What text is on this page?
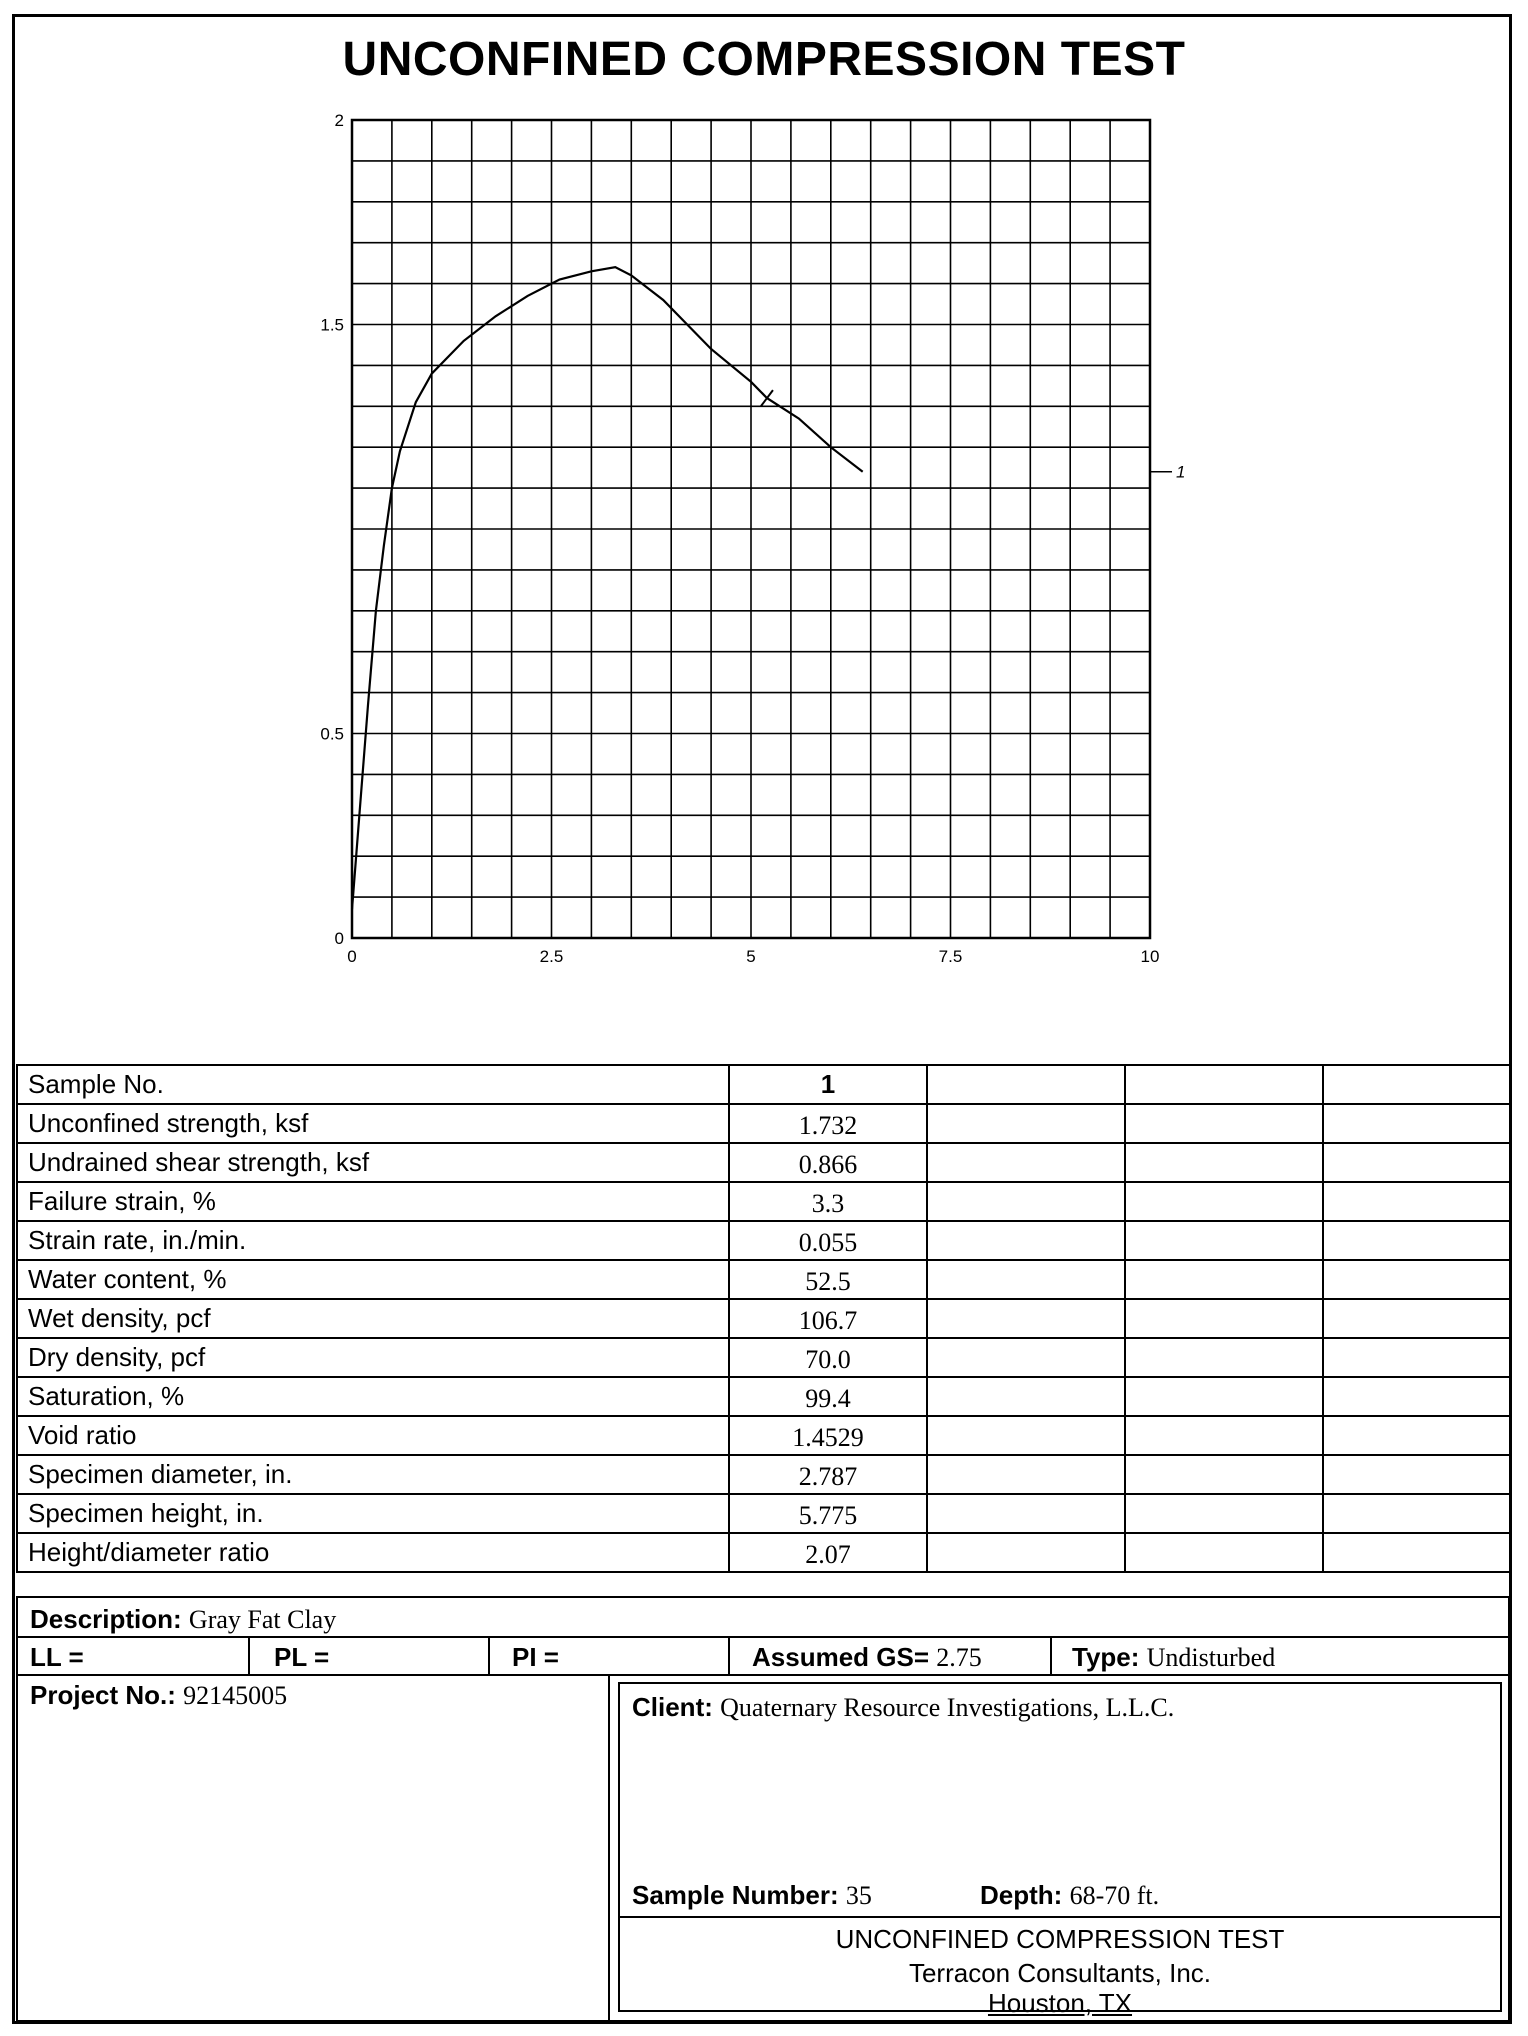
UNCONFINED COMPRESSION TEST
0	2.5	5	7.5	10
0
0.5
1.5
2
1
Sample No.	1			
Unconfined strength, ksf	1.732			
Undrained shear strength, ksf	0.866			
Failure strain, %	3.3			
Strain rate, in./min.	0.055			
Water content, %	52.5			
Wet density, pcf	106.7			
Dry density, pcf	70.0			
Saturation, %	99.4			
Void ratio	1.4529			
Specimen diameter, in.	2.787			
Specimen height, in.	5.775			
Height/diameter ratio	2.07			
Description: Gray Fat Clay
LL =	PL =	PI =	Assumed GS= 2.75	Type: Undisturbed
Project No.: 92145005	Client: Quaternary Resource Investigations, L.L.C.
Sample Number: 35	Depth: 68-70 ft.
UNCONFINED COMPRESSION TEST
Terracon Consultants, Inc.
Houston, TX
